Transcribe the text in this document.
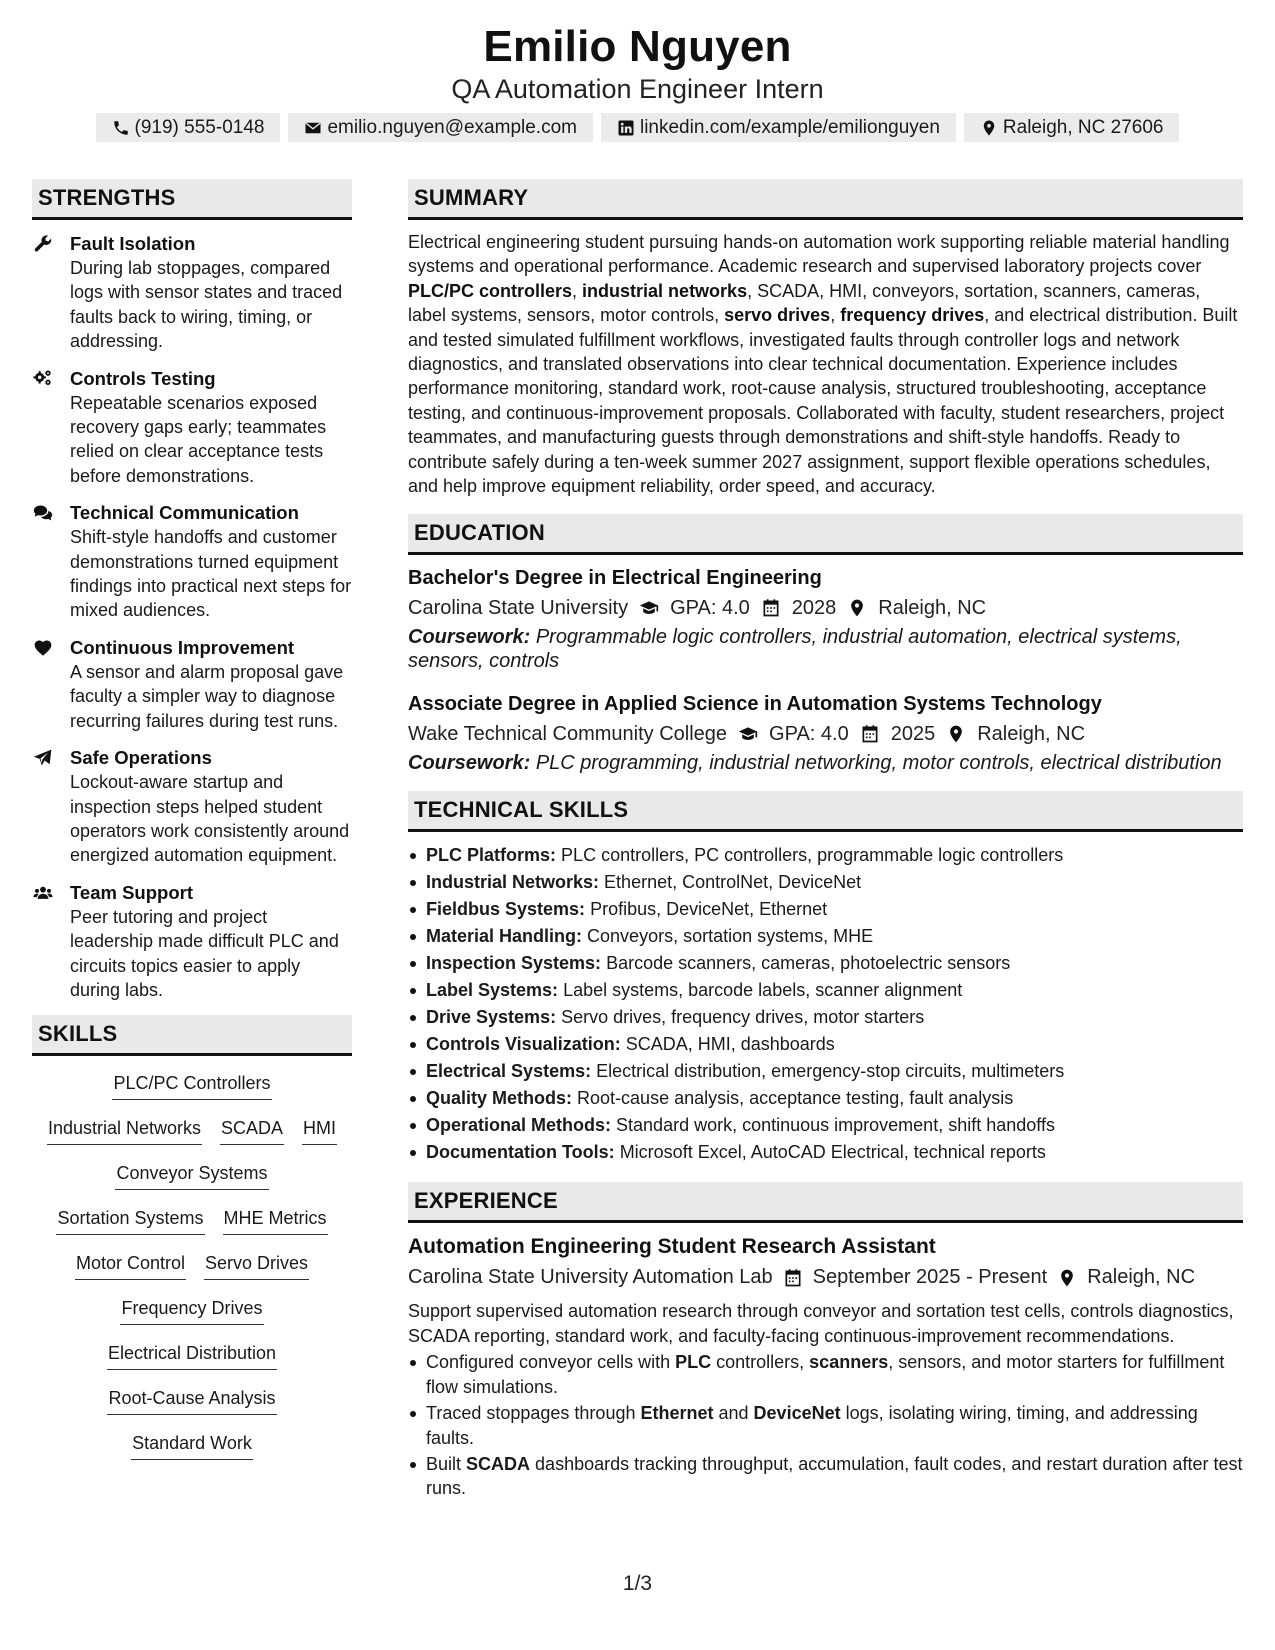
Emilio Nguyen
QA Automation Engineer Intern
(919) 555-0148	emilio.nguyen@example.com	linkedin.com/example/emilionguyen	Raleigh, NC 27606
STRENGTHS
Fault Isolation
During lab stoppages, compared logs with sensor states and traced faults back to wiring, timing, or addressing.
Controls Testing
Repeatable scenarios exposed recovery gaps early; teammates relied on clear acceptance tests before demonstrations.
Technical Communication
Shift-style handoffs and customer demonstrations turned equipment findings into practical next steps for mixed audiences.
Continuous Improvement
A sensor and alarm proposal gave faculty a simpler way to diagnose recurring failures during test runs.
Safe Operations
Lockout-aware startup and inspection steps helped student operators work consistently around energized automation equipment.
Team Support
Peer tutoring and project leadership made difficult PLC and circuits topics easier to apply during labs.
SKILLS
PLC/PC Controllers
Industrial Networks SCADA HMI
Conveyor Systems
Sortation Systems MHE Metrics
Motor Control Servo Drives
Frequency Drives
Electrical Distribution
Root-Cause Analysis
Standard Work
SUMMARY
Electrical engineering student pursuing hands-on automation work supporting reliable material handling systems and operational performance. Academic research and supervised laboratory projects cover PLC/PC controllers, industrial networks, SCADA, HMI, conveyors, sortation, scanners, cameras, label systems, sensors, motor controls, servo drives, frequency drives, and electrical distribution. Built and tested simulated fulfillment workflows, investigated faults through controller logs and network diagnostics, and translated observations into clear technical documentation. Experience includes performance monitoring, standard work, root-cause analysis, structured troubleshooting, acceptance testing, and continuous-improvement proposals. Collaborated with faculty, student researchers, project teammates, and manufacturing guests through demonstrations and shift-style handoffs. Ready to contribute safely during a ten-week summer 2027 assignment, support flexible operations schedules, and help improve equipment reliability, order speed, and accuracy.
EDUCATION
Bachelor's Degree in Electrical Engineering
Carolina State University GPA: 4.0 2028 Raleigh, NC
Coursework: Programmable logic controllers, industrial automation, electrical systems, sensors, controls
Associate Degree in Applied Science in Automation Systems Technology
Wake Technical Community College GPA: 4.0 2025 Raleigh, NC
Coursework: PLC programming, industrial networking, motor controls, electrical distribution
TECHNICAL SKILLS
PLC Platforms: PLC controllers, PC controllers, programmable logic controllers
Industrial Networks: Ethernet, ControlNet, DeviceNet
Fieldbus Systems: Profibus, DeviceNet, Ethernet
Material Handling: Conveyors, sortation systems, MHE
Inspection Systems: Barcode scanners, cameras, photoelectric sensors
Label Systems: Label systems, barcode labels, scanner alignment
Drive Systems: Servo drives, frequency drives, motor starters
Controls Visualization: SCADA, HMI, dashboards
Electrical Systems: Electrical distribution, emergency-stop circuits, multimeters
Quality Methods: Root-cause analysis, acceptance testing, fault analysis
Operational Methods: Standard work, continuous improvement, shift handoffs
Documentation Tools: Microsoft Excel, AutoCAD Electrical, technical reports
EXPERIENCE
Automation Engineering Student Research Assistant
Carolina State University Automation Lab September 2025 - Present Raleigh, NC
Support supervised automation research through conveyor and sortation test cells, controls diagnostics, SCADA reporting, standard work, and faculty-facing continuous-improvement recommendations.
Configured conveyor cells with PLC controllers, scanners, sensors, and motor starters for fulfillment flow simulations.
Traced stoppages through Ethernet and DeviceNet logs, isolating wiring, timing, and addressing faults.
Built SCADA dashboards tracking throughput, accumulation, fault codes, and restart duration after test runs.
1/3
